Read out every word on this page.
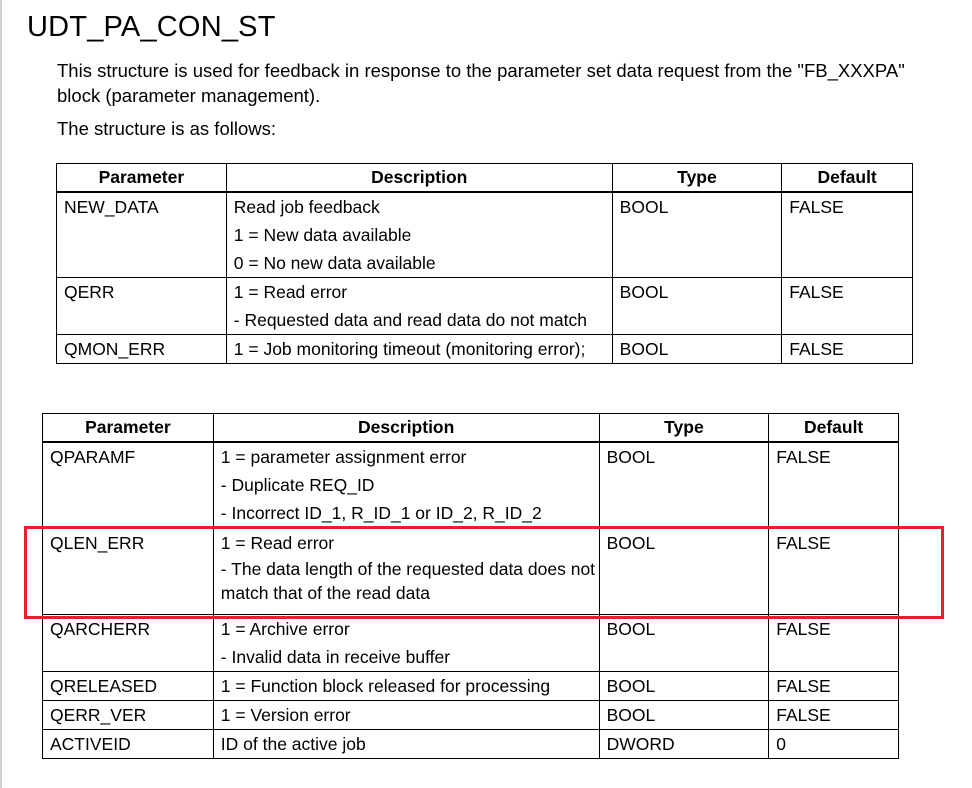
UDT_PA_CON_ST

This structure is used for feedback in response to the parameter set data request from the "FB_XXXPA" block (parameter management).

The structure is as follows:

Parameter	Description	Type	Default

NEW_DATA	Read job feedback
1 = New data available
0 = No new data available	BOOL	FALSE

QERR	1 = Read error
- Requested data and read data do not match	BOOL	FALSE

QMON_ERR	1 = Job monitoring timeout (monitoring error);	BOOL	FALSE
Parameter	Description	Type	Default

QPARAMF	1 = parameter assignment error
- Duplicate REQ_ID
- Incorrect ID_1, R_ID_1 or ID_2, R_ID_2	BOOL	FALSE

QLEN_ERR	1 = Read error
- The data length of the requested data does not match that of the read data	BOOL	FALSE

QARCHERR	1 = Archive error
- Invalid data in receive buffer	BOOL	FALSE

QRELEASED	1 = Function block released for processing	BOOL	FALSE

QERR_VER	1 = Version error	BOOL	FALSE

ACTIVEID	ID of the active job	DWORD	0
